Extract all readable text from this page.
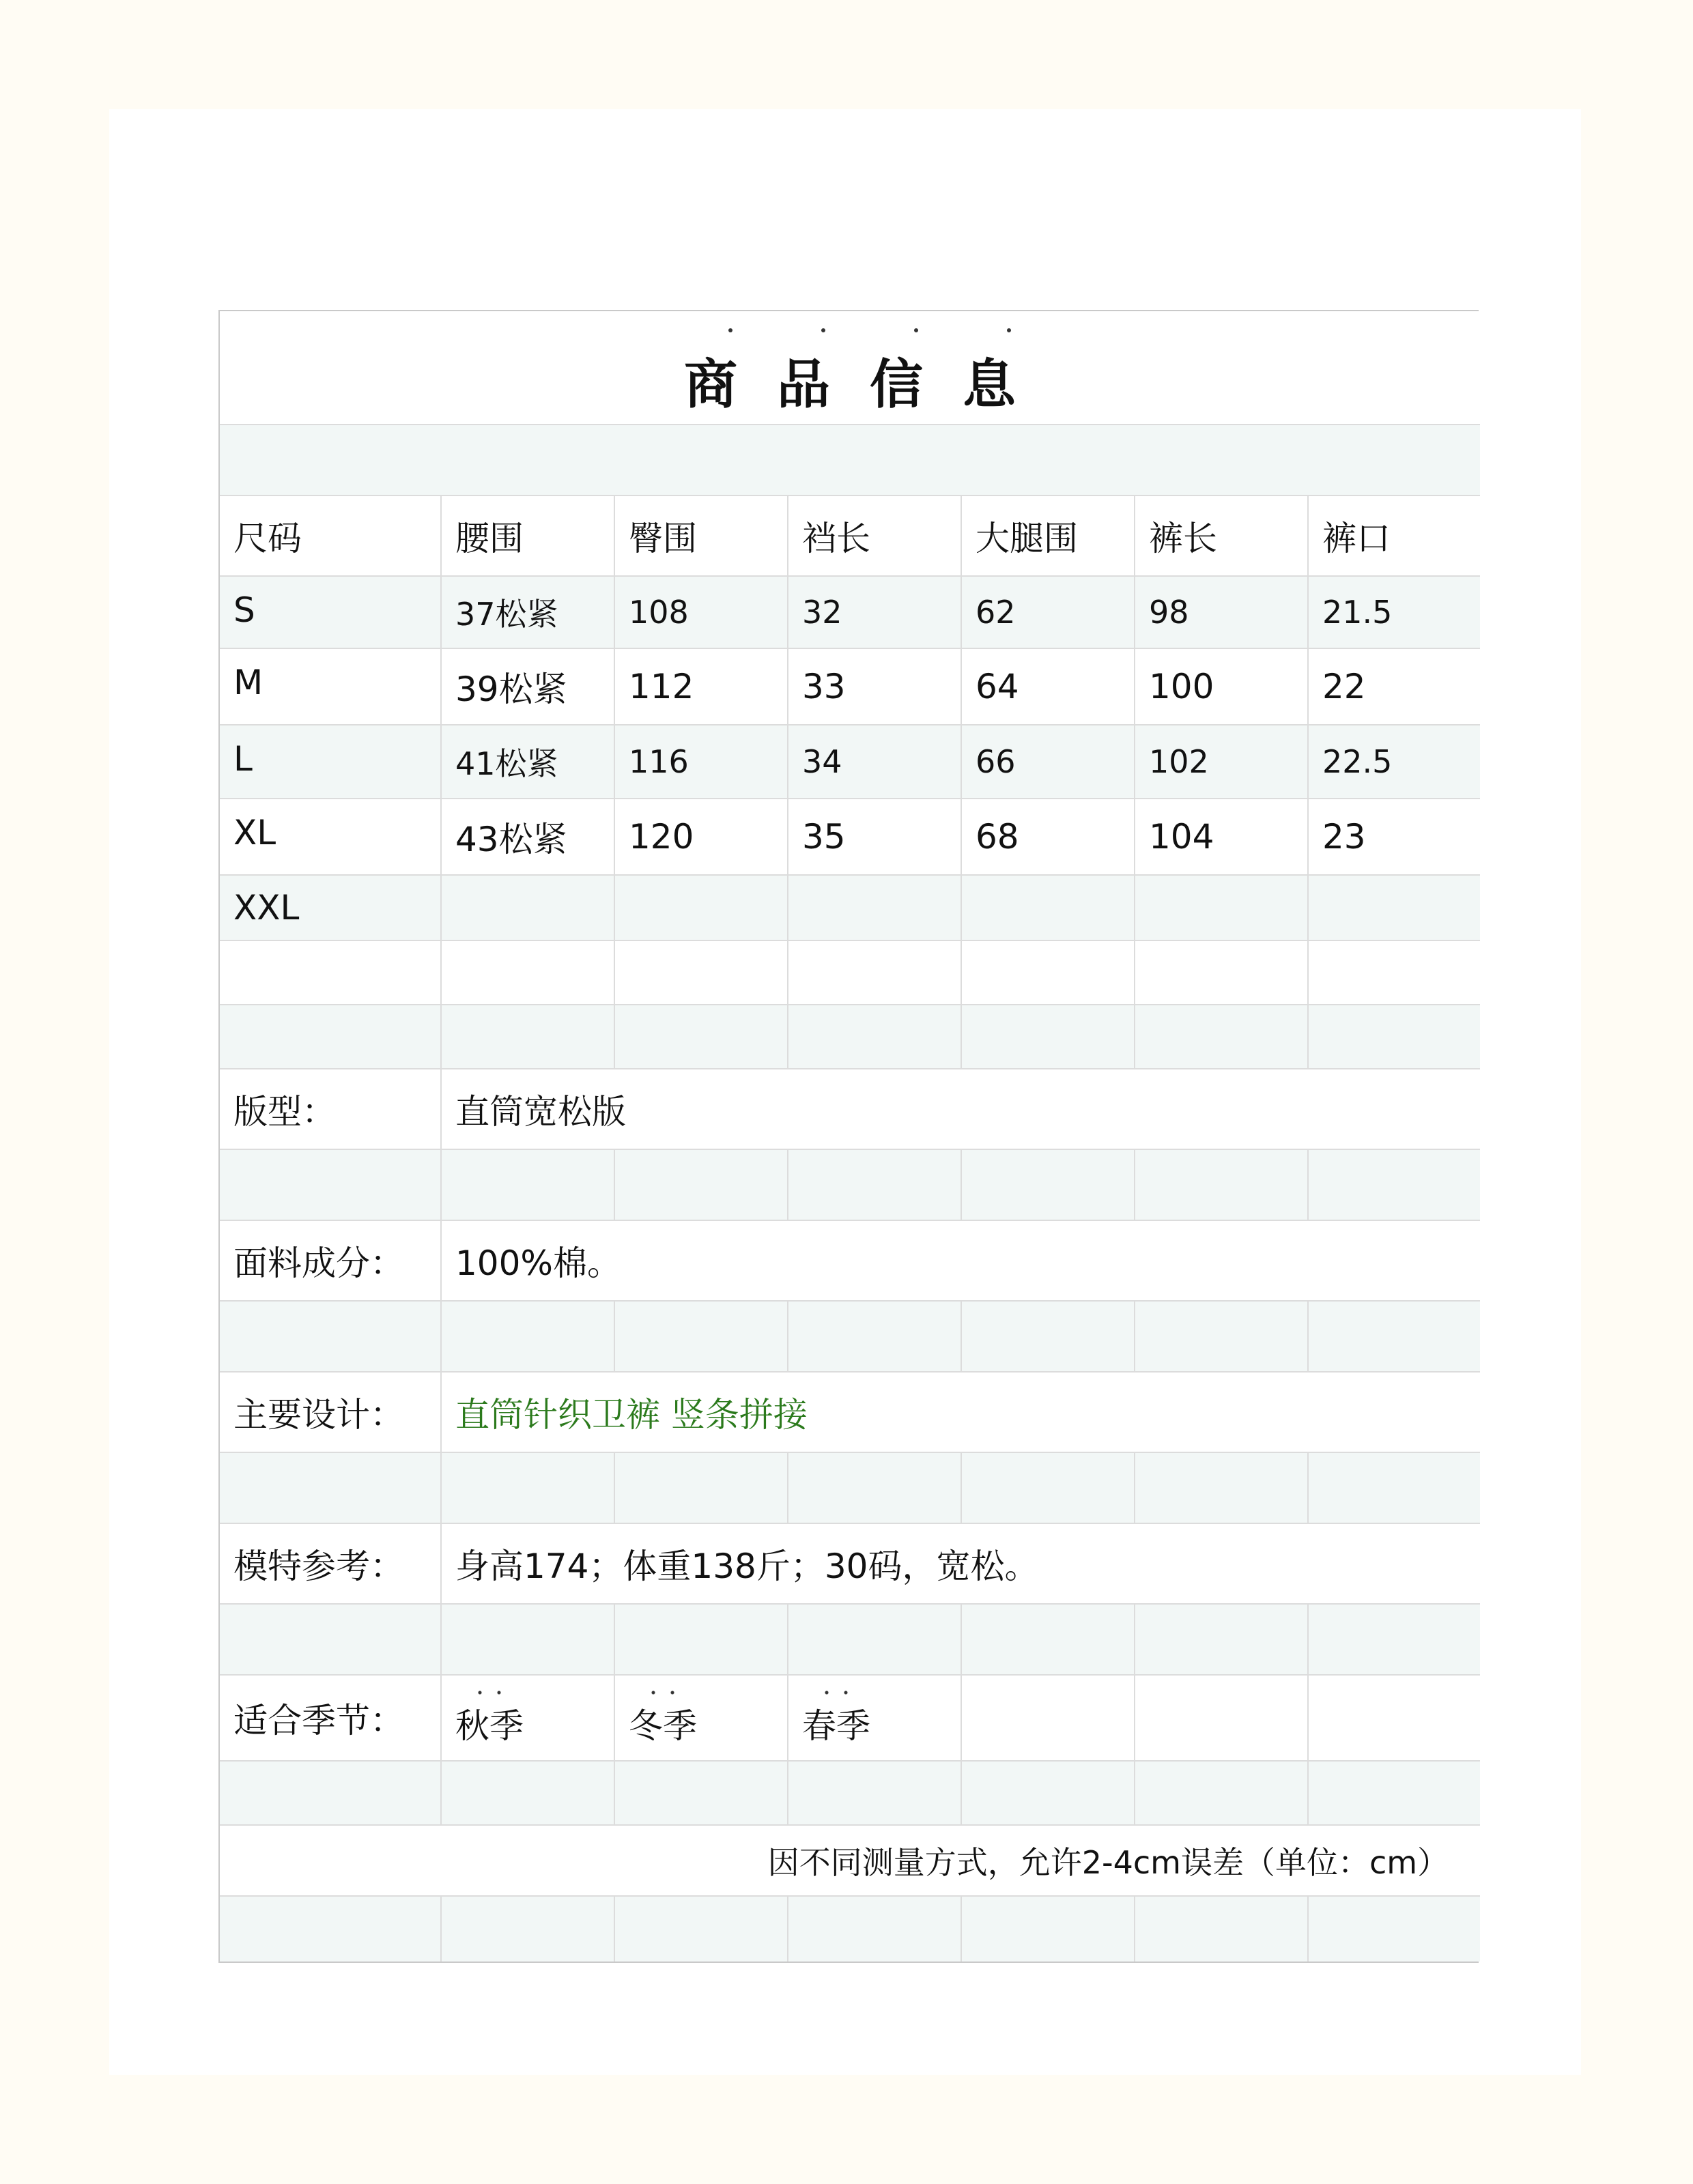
商品信息						

尺码	腰围	臀围	裆长	大腿围	裤长	裤口
S	37松紧	108	32	62	98	21.5
M	39松紧	112	33	64	100	22
L	41松紧	116	34	66	102	22.5
XL	43松紧	120	35	68	104	23
XXL						

版型：	直筒宽松版					

面料成分：	100%棉。					

主要设计：	直筒针织卫裤 竖条拼接					

模特参考：	身高174；体重138斤；30码，宽松。					

适合季节：	秋季	冬季	春季			

因不同测量方式，允许2-4cm误差（单位：cm）						
